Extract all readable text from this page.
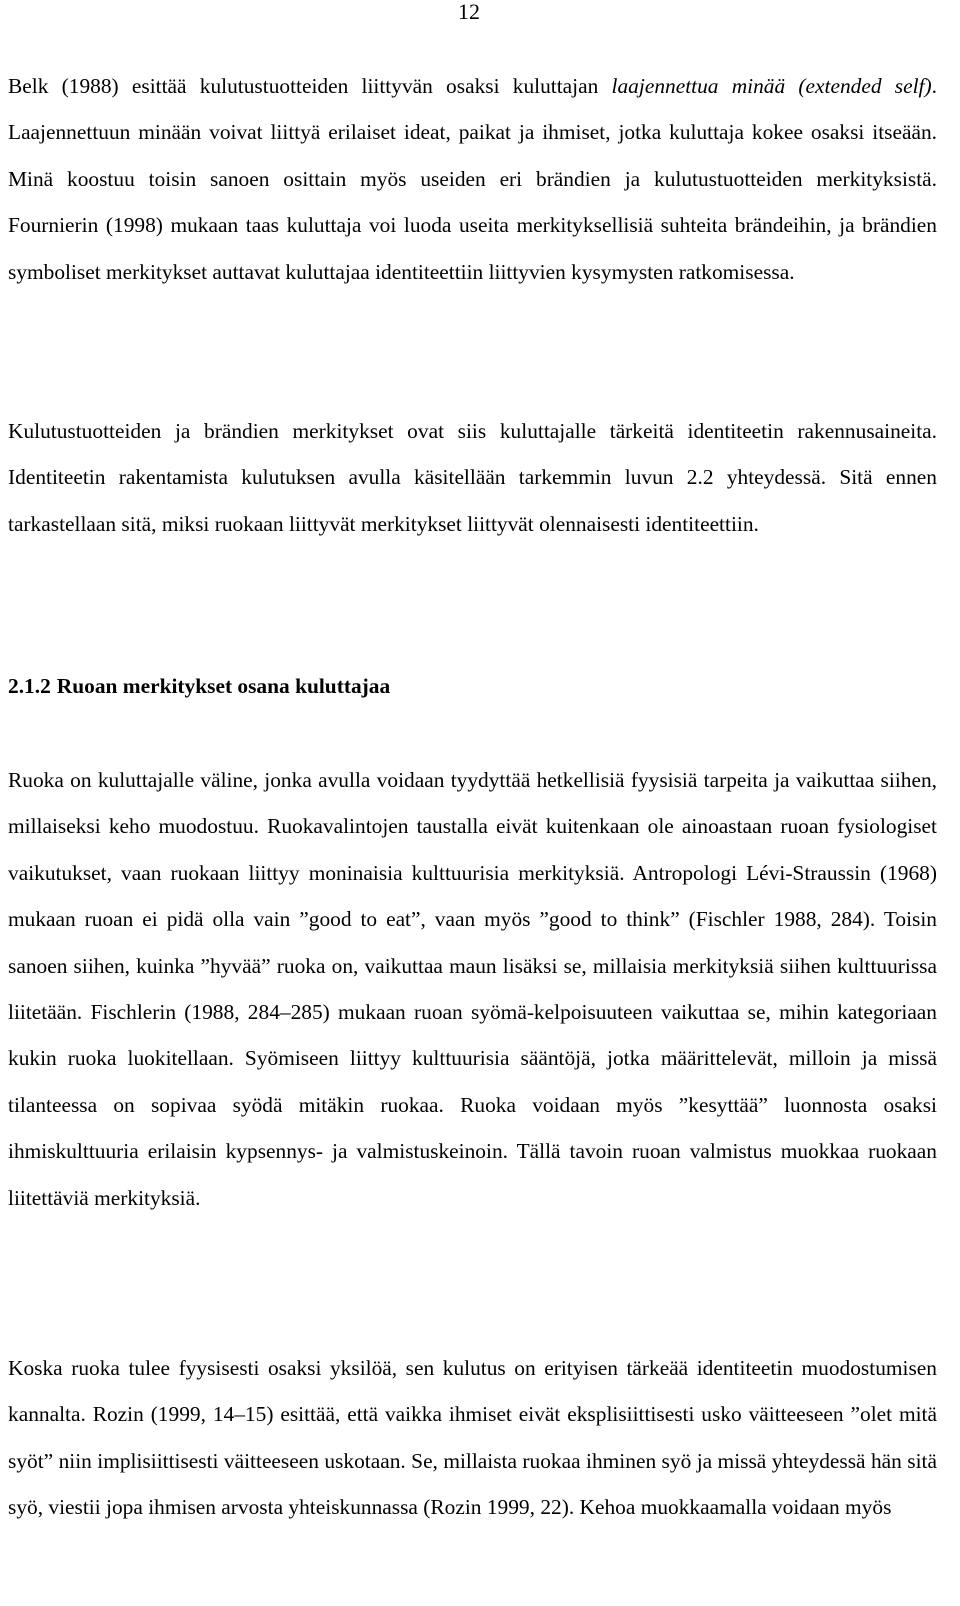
12

Belk (1988) esittää kulutustuotteiden liittyvän osaksi kuluttajan laajennettua minää (extended self). Laajennettuun minään voivat liittyä erilaiset ideat, paikat ja ihmiset, jotka kuluttaja kokee osaksi itseään. Minä koostuu toisin sanoen osittain myös useiden eri brändien ja kulutustuotteiden merkityksistä. Fournierin (1998) mukaan taas kuluttaja voi luoda useita merkityksellisiä suhteita brändeihin, ja brändien symboliset merkitykset auttavat kuluttajaa identiteettiin liittyvien kysymysten ratkomisessa.

Kulutustuotteiden ja brändien merkitykset ovat siis kuluttajalle tärkeitä identiteetin rakennusaineita. Identiteetin rakentamista kulutuksen avulla käsitellään tarkemmin luvun 2.2 yhteydessä. Sitä ennen tarkastellaan sitä, miksi ruokaan liittyvät merkitykset liittyvät olennaisesti identiteettiin.

2.1.2 Ruoan merkitykset osana kuluttajaa

Ruoka on kuluttajalle väline, jonka avulla voidaan tyydyttää hetkellisiä fyysisiä tarpeita ja vaikuttaa siihen, millaiseksi keho muodostuu. Ruokavalintojen taustalla eivät kuitenkaan ole ainoastaan ruoan fysiologiset vaikutukset, vaan ruokaan liittyy moninaisia kulttuurisia merkityksiä. Antropologi Lévi-Straussin (1968) mukaan ruoan ei pidä olla vain ”good to eat”, vaan myös ”good to think” (Fischler 1988, 284). Toisin sanoen siihen, kuinka ”hyvää” ruoka on, vaikuttaa maun lisäksi se, millaisia merkityksiä siihen kulttuurissa liitetään. Fischlerin (1988, 284–285) mukaan ruoan syömä-kelpoisuuteen vaikuttaa se, mihin kategoriaan kukin ruoka luokitellaan. Syömiseen liittyy kulttuurisia sääntöjä, jotka määrittelevät, milloin ja missä tilanteessa on sopivaa syödä mitäkin ruokaa. Ruoka voidaan myös ”kesyttää” luonnosta osaksi ihmiskulttuuria erilaisin kypsennys- ja valmistuskeinoin. Tällä tavoin ruoan valmistus muokkaa ruokaan liitettäviä merkityksiä.

Koska ruoka tulee fyysisesti osaksi yksilöä, sen kulutus on erityisen tärkeää identiteetin muodostumisen kannalta. Rozin (1999, 14–15) esittää, että vaikka ihmiset eivät eksplisiittisesti usko väitteeseen ”olet mitä syöt” niin implisiittisesti väitteeseen uskotaan. Se, millaista ruokaa ihminen syö ja missä yhteydessä hän sitä syö, viestii jopa ihmisen arvosta yhteiskunnassa (Rozin 1999, 22). Kehoa muokkaamalla voidaan myös
